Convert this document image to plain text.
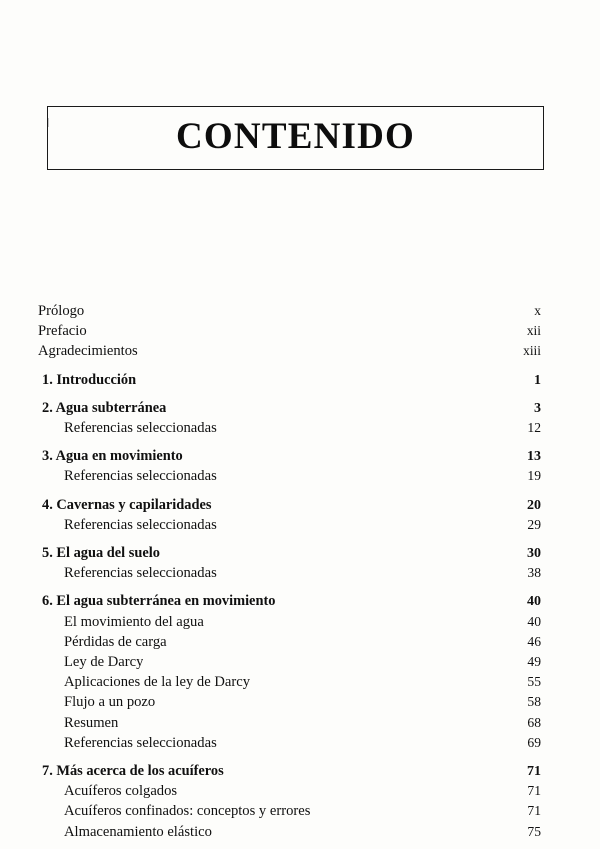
CONTENIDO
Prólogo	x
Prefacio	xii
Agradecimientos	xiii
1. Introducción	1
2. Agua subterránea	3
Referencias seleccionadas	12
3. Agua en movimiento	13
Referencias seleccionadas	19
4. Cavernas y capilaridades	20
Referencias seleccionadas	29
5. El agua del suelo	30
Referencias seleccionadas	38
6. El agua subterránea en movimiento	40
El movimiento del agua	40
Pérdidas de carga	46
Ley de Darcy	49
Aplicaciones de la ley de Darcy	55
Flujo a un pozo	58
Resumen	68
Referencias seleccionadas	69
7. Más acerca de los acuíferos	71
Acuíferos colgados	71
Acuíferos confinados: conceptos y errores	71
Almacenamiento elástico	75
